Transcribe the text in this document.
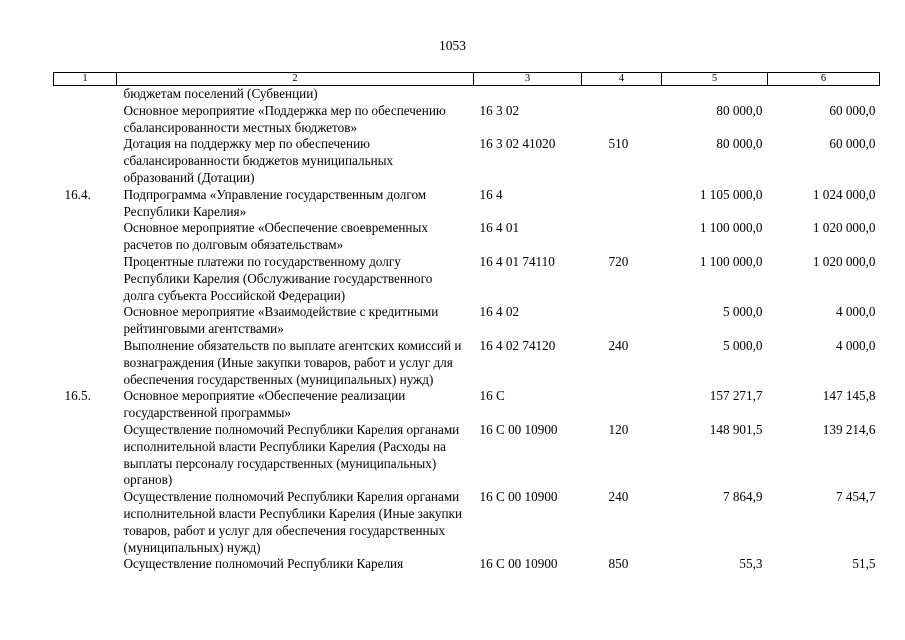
1053
1	2	3	4	5	6
	бюджетам поселений (Субвенции)				
	Основное мероприятие «Поддержка мер по обеспечению сбалансированности местных бюджетов»	16 3 02		80 000,0	60 000,0
	Дотация на поддержку мер по обеспечению сбалансированности бюджетов муниципальных образований (Дотации)	16 3 02 41020	510	80 000,0	60 000,0
16.4.	Подпрограмма «Управление государственным долгом Республики Карелия»	16 4		1 105 000,0	1 024 000,0
	Основное мероприятие «Обеспечение своевременных расчетов по долговым обязательствам»	16 4 01		1 100 000,0	1 020 000,0
	Процентные платежи по государственному долгу Республики Карелия (Обслуживание государственного долга субъекта Российской Федерации)	16 4 01 74110	720	1 100 000,0	1 020 000,0
	Основное мероприятие «Взаимодействие с кредитными рейтинговыми агентствами»	16 4 02		5 000,0	4 000,0
	Выполнение обязательств по выплате агентских комиссий и вознаграждения (Иные закупки товаров, работ и услуг для обеспечения государственных (муниципальных) нужд)	16 4 02 74120	240	5 000,0	4 000,0
16.5.	Основное мероприятие «Обеспечение реализации государственной программы»	16 С		157 271,7	147 145,8
	Осуществление полномочий Республики Карелия органами исполнительной власти Республики Карелия (Расходы на выплаты персоналу государственных (муниципальных) органов)	16 С 00 10900	120	148 901,5	139 214,6
	Осуществление полномочий Республики Карелия органами исполнительной власти Республики Карелия (Иные закупки товаров, работ и услуг для обеспечения государственных (муниципальных) нужд)	16 С 00 10900	240	7 864,9	7 454,7
	Осуществление полномочий Республики Карелия	16 С 00 10900	850	55,3	51,5
